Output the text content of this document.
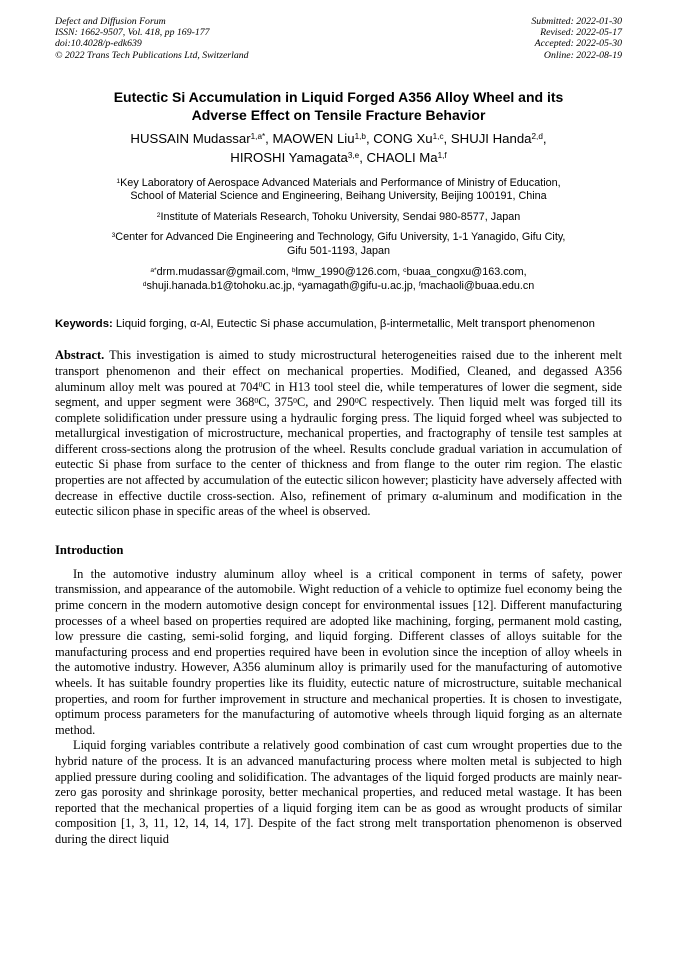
Defect and Diffusion Forum
ISSN: 1662-9507, Vol. 418, pp 169-177
doi:10.4028/p-edk639
© 2022 Trans Tech Publications Ltd, Switzerland
Submitted: 2022-01-30
Revised: 2022-05-17
Accepted: 2022-05-30
Online: 2022-08-19
Eutectic Si Accumulation in Liquid Forged A356 Alloy Wheel and its
Adverse Effect on Tensile Fracture Behavior
HUSSAIN Mudassar$^{1,a*}$, MAOWEN Liu$^{1,b}$, CONG Xu$^{1,c}$, SHUJI Handa$^{2,d}$,
HIROSHI Yamagata$^{3,e}$, CHAOLI Ma$^{1,f}$
$^1$Key Laboratory of Aerospace Advanced Materials and Performance of Ministry of Education,
School of Material Science and Engineering, Beihang University, Beijing 100191, China
$^2$Institute of Materials Research, Tohoku University, Sendai 980-8577, Japan
$^3$Center for Advanced Die Engineering and Technology, Gifu University, 1-1 Yanagido, Gifu City,
Gifu 501-1193, Japan
$^{a*}$drm.mudassar@gmail.com, $^b$lmw_1990@126.com, $^c$buaa_congxu@163.com,
$^d$shuji.hanada.b1@tohoku.ac.jp, $^e$yamagath@gifu-u.ac.jp, $^f$machaoli@buaa.edu.cn
Keywords: Liquid forging, α-Al, Eutectic Si phase accumulation, β-intermetallic, Melt transport phenomenon

Abstract. This investigation is aimed to study microstructural heterogeneities raised due to the inherent melt transport phenomenon and their effect on mechanical properties. Modified, Cleaned, and degassed A356 aluminum alloy melt was poured at $704^0C$ in H13 tool steel die, while temperatures of lower die segment, side segment, and upper segment were $368^0C$, $375^0C$, and $290^0C$ respectively. Then liquid melt was forged till its complete solidification under pressure using a hydraulic forging press. The liquid forged wheel was subjected to metallurgical investigation of microstructure, mechanical properties, and fractography of tensile test samples at different cross-sections along the protrusion of the wheel. Results conclude gradual variation in accumulation of eutectic Si phase from surface to the center of thickness and from flange to the outer rim region. The elastic properties are not affected by accumulation of the eutectic silicon however; plasticity have adversely affected with decrease in effective ductile cross-section. Also, refinement of primary α-aluminum and modification in the eutectic silicon phase in specific areas of the wheel is observed.

Introduction

In the automotive industry aluminum alloy wheel is a critical component in terms of safety, power transmission, and appearance of the automobile. Wight reduction of a vehicle to optimize fuel economy being the prime concern in the modern automotive design concept for environmental issues [12]. Different manufacturing processes of a wheel based on properties required are adopted like machining, forging, permanent mold casting, low pressure die casting, semi-solid forging, and liquid forging. Different classes of alloys suitable for the manufacturing process and end properties required have been in evolution since the inception of alloy wheels in the automotive industry. However, A356 aluminum alloy is primarily used for the manufacturing of automotive wheels. It has suitable foundry properties like its fluidity, eutectic nature of microstructure, suitable mechanical properties, and room for further improvement in structure and mechanical properties. It is chosen to investigate, optimum process parameters for the manufacturing of automotive wheels through liquid forging as an alternate method.

Liquid forging variables contribute a relatively good combination of cast cum wrought properties due to the hybrid nature of the process. It is an advanced manufacturing process where molten metal is subjected to high applied pressure during cooling and solidification. The advantages of the liquid forged products are mainly near-zero gas porosity and shrinkage porosity, better mechanical properties, and reduced metal wastage. It has been reported that the mechanical properties of a liquid forging item can be as good as wrought products of similar composition [1, 3, 11, 12, 14, 14, 17]. Despite of the fact strong melt transportation phenomenon is observed during the direct liquid
